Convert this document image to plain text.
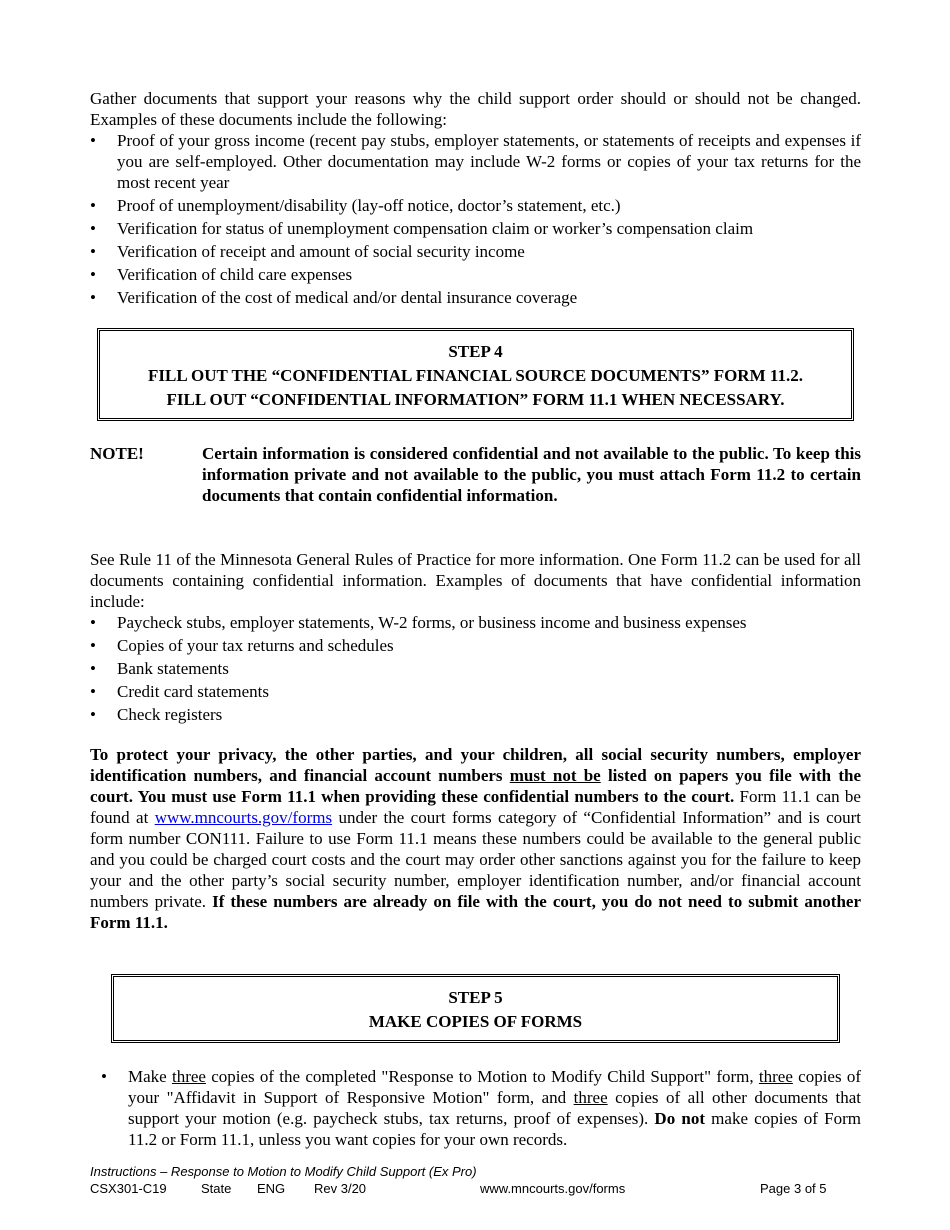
Gather documents that support your reasons why the child support order should or should not be changed. Examples of these documents include the following:

• Proof of your gross income (recent pay stubs, employer statements, or statements of receipts and expenses if you are self-employed. Other documentation may include W-2 forms or copies of your tax returns for the most recent year
• Proof of unemployment/disability (lay-off notice, doctor’s statement, etc.)
• Verification for status of unemployment compensation claim or worker’s compensation claim
• Verification of receipt and amount of social security income
• Verification of child care expenses
• Verification of the cost of medical and/or dental insurance coverage
STEP 4
FILL OUT THE “CONFIDENTIAL FINANCIAL SOURCE DOCUMENTS” FORM 11.2.
FILL OUT “CONFIDENTIAL INFORMATION” FORM 11.1 WHEN NECESSARY.
NOTE!	Certain information is considered confidential and not available to the public. To keep this information private and not available to the public, you must attach Form 11.2 to certain documents that contain confidential information.

See Rule 11 of the Minnesota General Rules of Practice for more information. One Form 11.2 can be used for all documents containing confidential information. Examples of documents that have confidential information include:

• Paycheck stubs, employer statements, W-2 forms, or business income and business expenses
• Copies of your tax returns and schedules
• Bank statements
• Credit card statements
• Check registers

To protect your privacy, the other parties, and your children, all social security numbers, employer identification numbers, and financial account numbers must not be listed on papers you file with the court. You must use Form 11.1 when providing these confidential numbers to the court. Form 11.1 can be found at www.mncourts.gov/forms under the court forms category of “Confidential Information” and is court form number CON111. Failure to use Form 11.1 means these numbers could be available to the general public and you could be charged court costs and the court may order other sanctions against you for the failure to keep your and the other party’s social security number, employer identification number, and/or financial account numbers private. If these numbers are already on file with the court, you do not need to submit another Form 11.1.

STEP 5
MAKE COPIES OF FORMS
• Make three copies of the completed "Response to Motion to Modify Child Support" form, three copies of your "Affidavit in Support of Responsive Motion" form, and three copies of all other documents that support your motion (e.g. paycheck stubs, tax returns, proof of expenses). Do not make copies of Form 11.2 or Form 11.1, unless you want copies for your own records.
Instructions – Response to Motion to Modify Child Support (Ex Pro)
CSX301-C19	State ENG Rev 3/20	www.mncourts.gov/forms	Page 3 of 5
